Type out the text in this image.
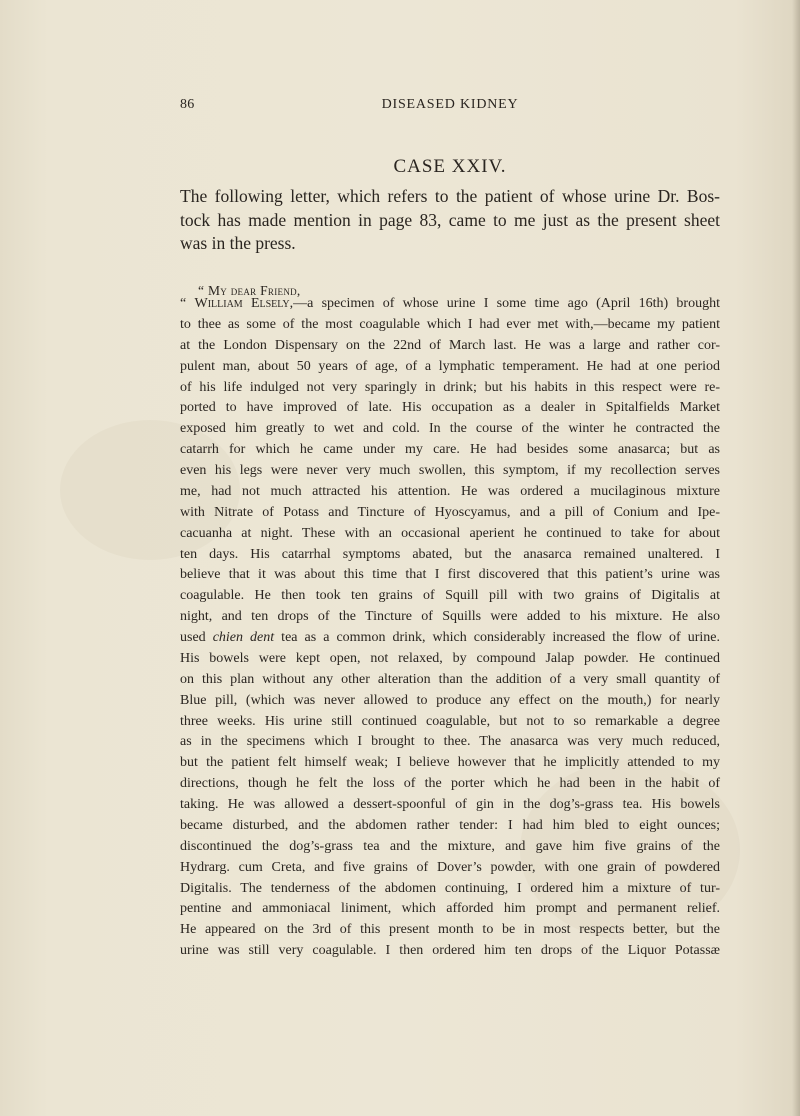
86	DISEASED KIDNEY
CASE XXIV.
The following letter, which refers to the patient of whose urine Dr. Bos-
tock has made mention in page 83, came to me just as the present sheet
was in the press.
“ My dear Friend,
“ William Elsely,—a specimen of whose urine I some time ago (April 16th) brought
to thee as some of the most coagulable which I had ever met with,—became my patient
at the London Dispensary on the 22nd of March last. He was a large and rather cor-
pulent man, about 50 years of age, of a lymphatic temperament. He had at one period
of his life indulged not very sparingly in drink; but his habits in this respect were re-
ported to have improved of late. His occupation as a dealer in Spitalfields Market
exposed him greatly to wet and cold. In the course of the winter he contracted the
catarrh for which he came under my care. He had besides some anasarca; but as
even his legs were never very much swollen, this symptom, if my recollection serves
me, had not much attracted his attention. He was ordered a mucilaginous mixture
with Nitrate of Potass and Tincture of Hyoscyamus, and a pill of Conium and Ipe-
cacuanha at night. These with an occasional aperient he continued to take for about
ten days. His catarrhal symptoms abated, but the anasarca remained unaltered. I
believe that it was about this time that I first discovered that this patient’s urine was
coagulable. He then took ten grains of Squill pill with two grains of Digitalis at
night, and ten drops of the Tincture of Squills were added to his mixture. He also
used chien dent tea as a common drink, which considerably increased the flow of urine.
His bowels were kept open, not relaxed, by compound Jalap powder. He continued
on this plan without any other alteration than the addition of a very small quantity of
Blue pill, (which was never allowed to produce any effect on the mouth,) for nearly
three weeks. His urine still continued coagulable, but not to so remarkable a degree
as in the specimens which I brought to thee. The anasarca was very much reduced,
but the patient felt himself weak; I believe however that he implicitly attended to my
directions, though he felt the loss of the porter which he had been in the habit of
taking. He was allowed a dessert-spoonful of gin in the dog’s-grass tea. His bowels
became disturbed, and the abdomen rather tender: I had him bled to eight ounces;
discontinued the dog’s-grass tea and the mixture, and gave him five grains of the
Hydrarg. cum Creta, and five grains of Dover’s powder, with one grain of powdered
Digitalis. The tenderness of the abdomen continuing, I ordered him a mixture of tur-
pentine and ammoniacal liniment, which afforded him prompt and permanent relief.
He appeared on the 3rd of this present month to be in most respects better, but the
urine was still very coagulable. I then ordered him ten drops of the Liquor Potassæ
